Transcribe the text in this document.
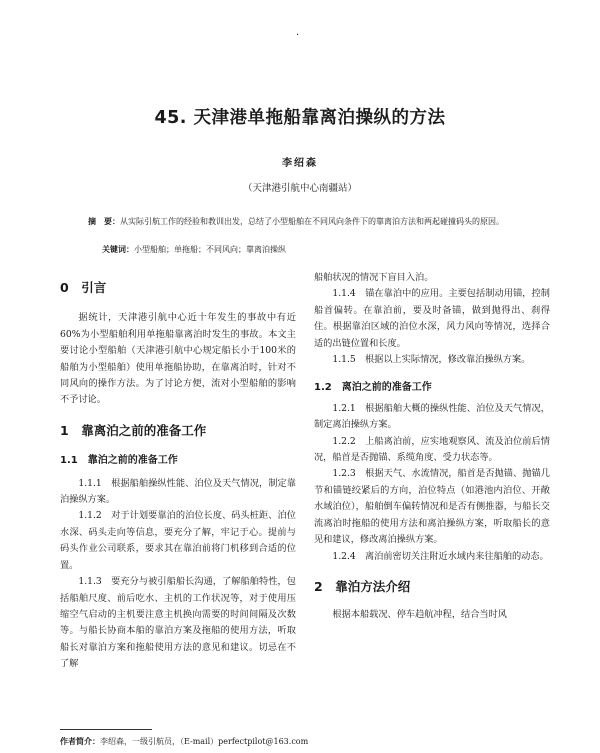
·
45. 天津港单拖船靠离泊操纵的方法
李绍森
（天津港引航中心南疆站）
摘　要：从实际引航工作的经验和教训出发，总结了小型船舶在不同风向条件下的靠离泊方法和两起碰撞码头的原因。
关键词：小型船舶；单拖船；不同风向；靠离泊操纵

0　引言

据统计，天津港引航中心近十年发生的事故中有近60%为小型船舶利用单拖船靠离泊时发生的事故。本文主要讨论小型船舶（天津港引航中心规定船长小于100米的船舶为小型船舶）使用单拖船协助，在靠离泊时，针对不同风向的操作方法。为了讨论方便，流对小型船舶的影响不予讨论。

1　靠离泊之前的准备工作

1.1　靠泊之前的准备工作

1.1.1　根据船舶操纵性能、泊位及天气情况，制定靠泊操纵方案。

1.1.2　对于计划要靠泊的泊位长度、码头桩距、泊位水深、码头走向等信息，要充分了解，牢记于心。提前与码头作业公司联系，要求其在靠泊前将门机移到合适的位置。

1.1.3　要充分与被引船船长沟通，了解船舶特性，包括船舶尺度、前后吃水、主机的工作状况等，对于使用压缩空气启动的主机要注意主机换向需要的时间间隔及次数等。与船长协商本船的靠泊方案及拖船的使用方法，听取船长对靠泊方案和拖船使用方法的意见和建议。切忌在不了解

船舶状况的情况下盲目入泊。

1.1.4　锚在靠泊中的应用。主要包括制动用锚，控制船首偏转。在靠泊前，要及时备锚，做到抛得出、刹得住。根据靠泊区域的泊位水深，风力风向等情况，选择合适的出链位置和长度。

1.1.5　根据以上实际情况，修改靠泊操纵方案。

1.2　离泊之前的准备工作

1.2.1　根据船舶大概的操纵性能、泊位及天气情况，制定离泊操纵方案。

1.2.2　上船离泊前，应实地观察风、流及泊位前后情况，船首是否抛锚、系缆角度、受力状态等。

1.2.3　根据天气、水流情况，船首是否抛锚、抛锚几节和锚链绞紧后的方向，泊位特点（如港池内泊位、开敞水域泊位），船舶倒车偏转情况和是否有侧推器，与船长交流离泊时拖船的使用方法和离泊操纵方案，听取船长的意见和建议，修改离泊操纵方案。

1.2.4　离泊前密切关注附近水域内来往船舶的动态。

2　靠泊方法介绍

根据本船载况、停车趋航冲程，结合当时风

作者简介：李绍森，一级引航员，（E-mail）perfectpilot@163.com
